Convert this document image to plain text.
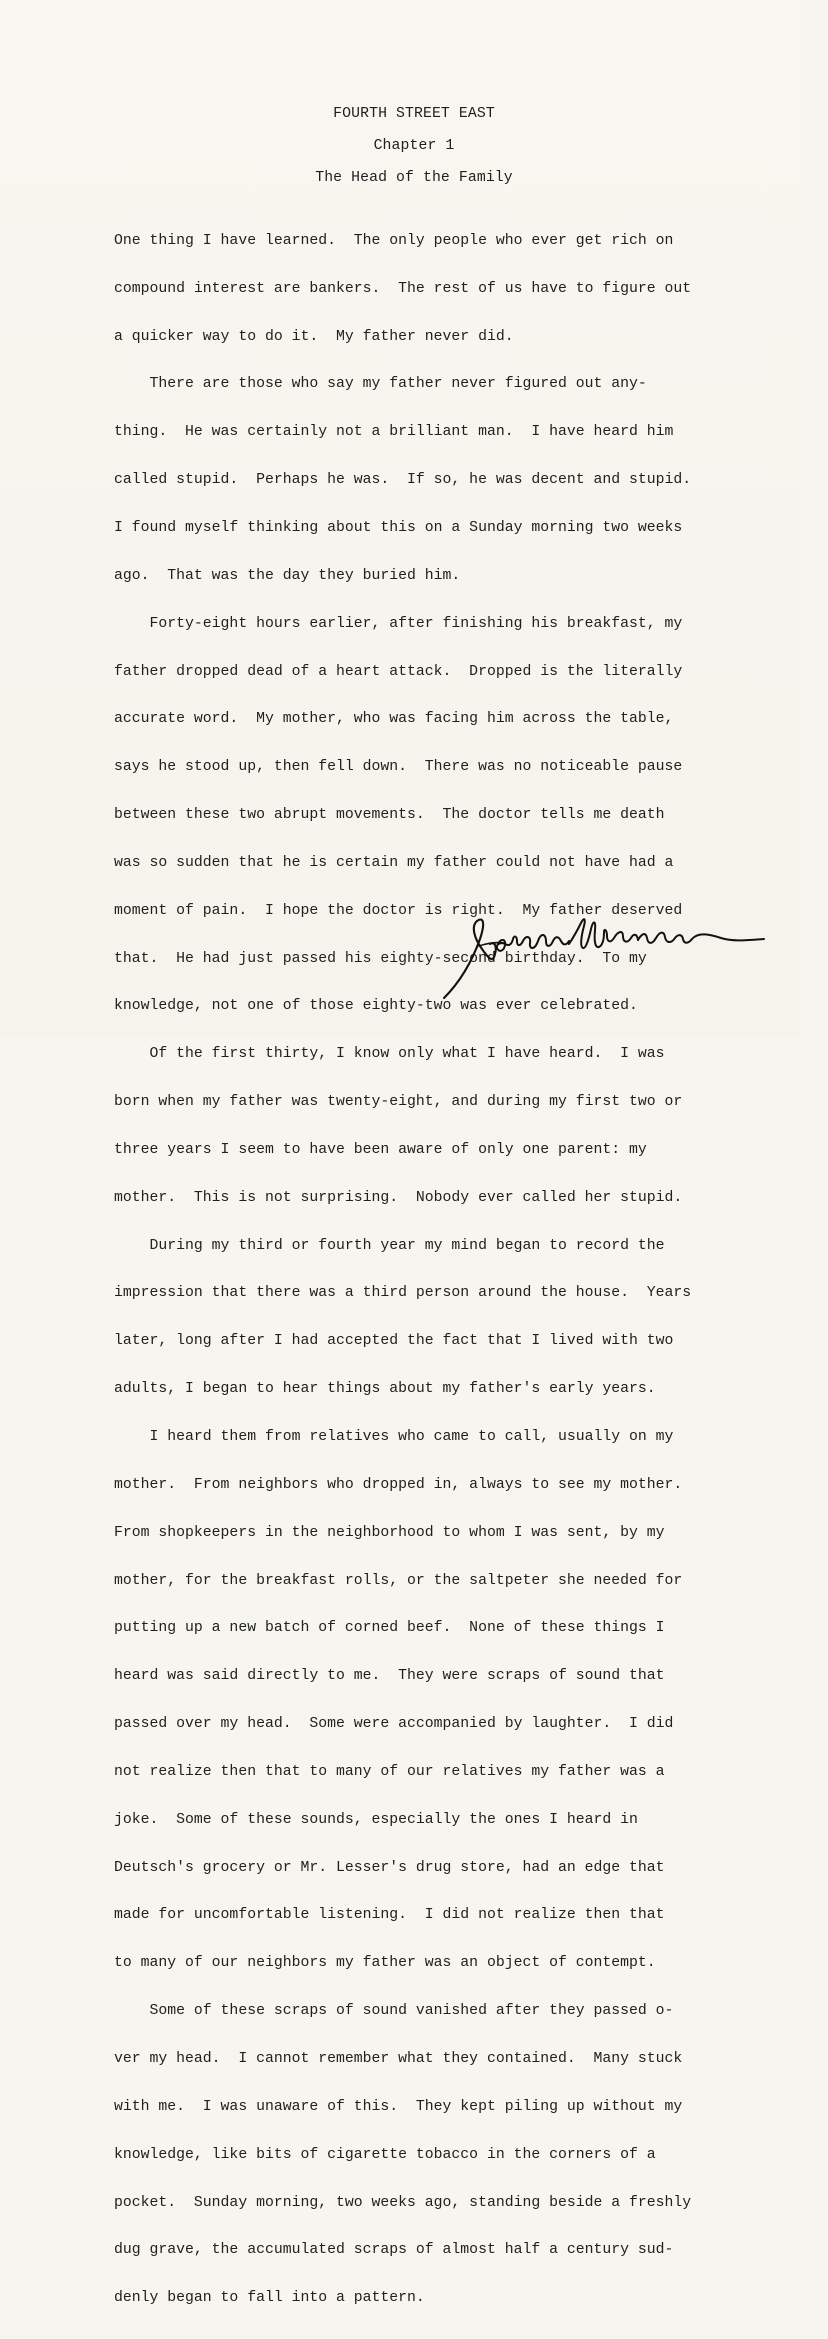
FOURTH STREET EAST

Chapter 1

The Head of the Family

One thing I have learned.  The only people who ever get rich on

compound interest are bankers.  The rest of us have to figure out

a quicker way to do it.  My father never did.

There are those who say my father never figured out any-

thing.  He was certainly not a brilliant man.  I have heard him

called stupid.  Perhaps he was.  If so, he was decent and stupid.

I found myself thinking about this on a Sunday morning two weeks

ago.  That was the day they buried him.

Forty-eight hours earlier, after finishing his breakfast, my

father dropped dead of a heart attack.  Dropped is the literally

accurate word.  My mother, who was facing him across the table,

says he stood up, then fell down.  There was no noticeable pause

between these two abrupt movements.  The doctor tells me death

was so sudden that he is certain my father could not have had a

moment of pain.  I hope the doctor is right.  My father deserved

that.  He had just passed his eighty-second birthday.  To my

knowledge, not one of those eighty-two was ever celebrated.

Of the first thirty, I know only what I have heard.  I was

born when my father was twenty-eight, and during my first two or

three years I seem to have been aware of only one parent: my

mother.  This is not surprising.  Nobody ever called her stupid.

During my third or fourth year my mind began to record the

impression that there was a third person around the house.  Years

later, long after I had accepted the fact that I lived with two

adults, I began to hear things about my father's early years.

I heard them from relatives who came to call, usually on my

mother.  From neighbors who dropped in, always to see my mother.

From shopkeepers in the neighborhood to whom I was sent, by my

mother, for the breakfast rolls, or the saltpeter she needed for

putting up a new batch of corned beef.  None of these things I

heard was said directly to me.  They were scraps of sound that

passed over my head.  Some were accompanied by laughter.  I did

not realize then that to many of our relatives my father was a

joke.  Some of these sounds, especially the ones I heard in

Deutsch's grocery or Mr. Lesser's drug store, had an edge that

made for uncomfortable listening.  I did not realize then that

to many of our neighbors my father was an object of contempt.

Some of these scraps of sound vanished after they passed o-

ver my head.  I cannot remember what they contained.  Many stuck

with me.  I was unaware of this.  They kept piling up without my

knowledge, like bits of cigarette tobacco in the corners of a

pocket.  Sunday morning, two weeks ago, standing beside a freshly

dug grave, the accumulated scraps of almost half a century sud-

denly began to fall into a pattern.
